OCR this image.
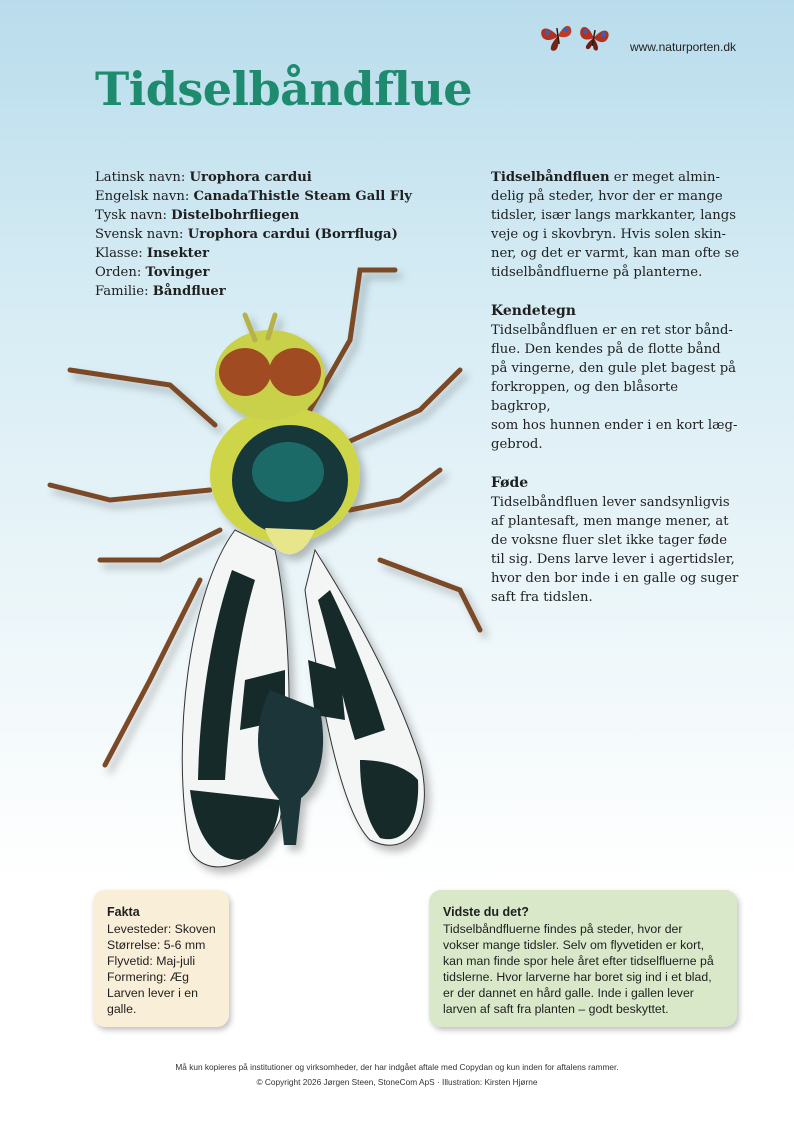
www.naturporten.dk
Tidselbåndflue
Latinsk navn: Urophora cardui
Engelsk navn: CanadaThistle Steam Gall Fly
Tysk navn: Distelbohrfliegen
Svensk navn: Urophora cardui (Borrfluga)
Klasse: Insekter
Orden: Tovinger
Familie: Båndfluer

Tidselbåndfluen er meget almin-
delig på steder, hvor der er mange
tidsler, især langs markkanter, langs
veje og i skovbryn. Hvis solen skin-
ner, og det er varmt, kan man ofte se
tidselbåndfluerne på planterne.

Kendetegn

Tidselbåndfluen er en ret stor bånd-
flue. Den kendes på de flotte bånd
på vingerne, den gule plet bagest på
forkroppen, og den blåsorte bagkrop,
som hos hunnen ender i en kort læg-
gebrod.

Føde

Tidselbåndfluen lever sandsynligvis
af plantesaft, men mange mener, at
de voksne fluer slet ikke tager føde
til sig. Dens larve lever i agertidsler,
hvor den bor inde i en galle og suger
saft fra tidslen.

Fakta
Levesteder: Skoven
Størrelse: 5-6 mm
Flyvetid: Maj-juli
Formering: Æg
Larven lever i en
galle.
Vidste du det?

Tidselbåndfluerne findes på steder, hvor der
vokser mange tidsler. Selv om flyvetiden er kort,
kan man finde spor hele året efter tidselfluerne på
tidslerne. Hvor larverne har boret sig ind i et blad,
er der dannet en hård galle. Inde i gallen lever
larven af saft fra planten – godt beskyttet.

Må kun kopieres på institutioner og virksomheder, der har indgået aftale med Copydan og kun inden for aftalens rammer.
© Copyright 2026 Jørgen Steen, StoneCom ApS · Illustration: Kirsten Hjørne
